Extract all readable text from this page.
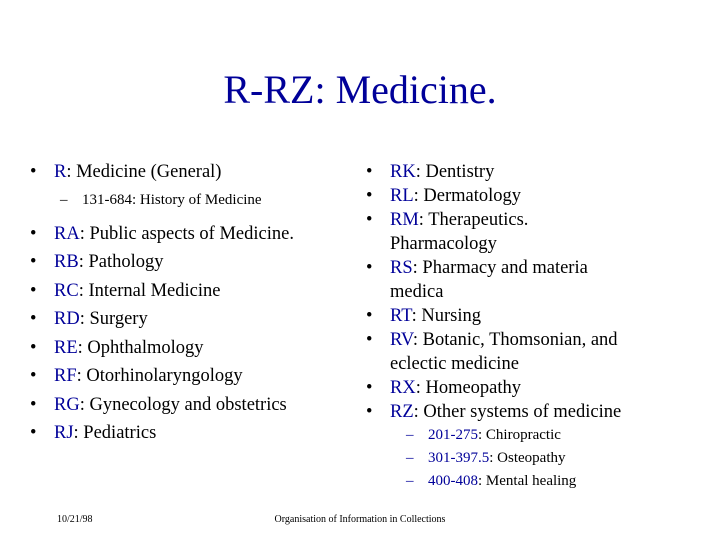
R-RZ: Medicine.
• R: Medicine (General)
– 131-684: History of Medicine
• RA: Public aspects of Medicine.
• RB: Pathology
• RC: Internal Medicine
• RD: Surgery
• RE: Ophthalmology
• RF: Otorhinolaryngology
• RG: Gynecology and obstetrics
• RJ: Pediatrics
• RK: Dentistry
• RL: Dermatology
• RM: Therapeutics.
Pharmacology
• RS: Pharmacy and materia
medica
• RT: Nursing
• RV: Botanic, Thomsonian, and
eclectic medicine
• RX: Homeopathy
• RZ: Other systems of medicine
– 201-275: Chiropractic
– 301-397.5: Osteopathy
– 400-408: Mental healing
10/21/98	Organisation of Information in Collections
